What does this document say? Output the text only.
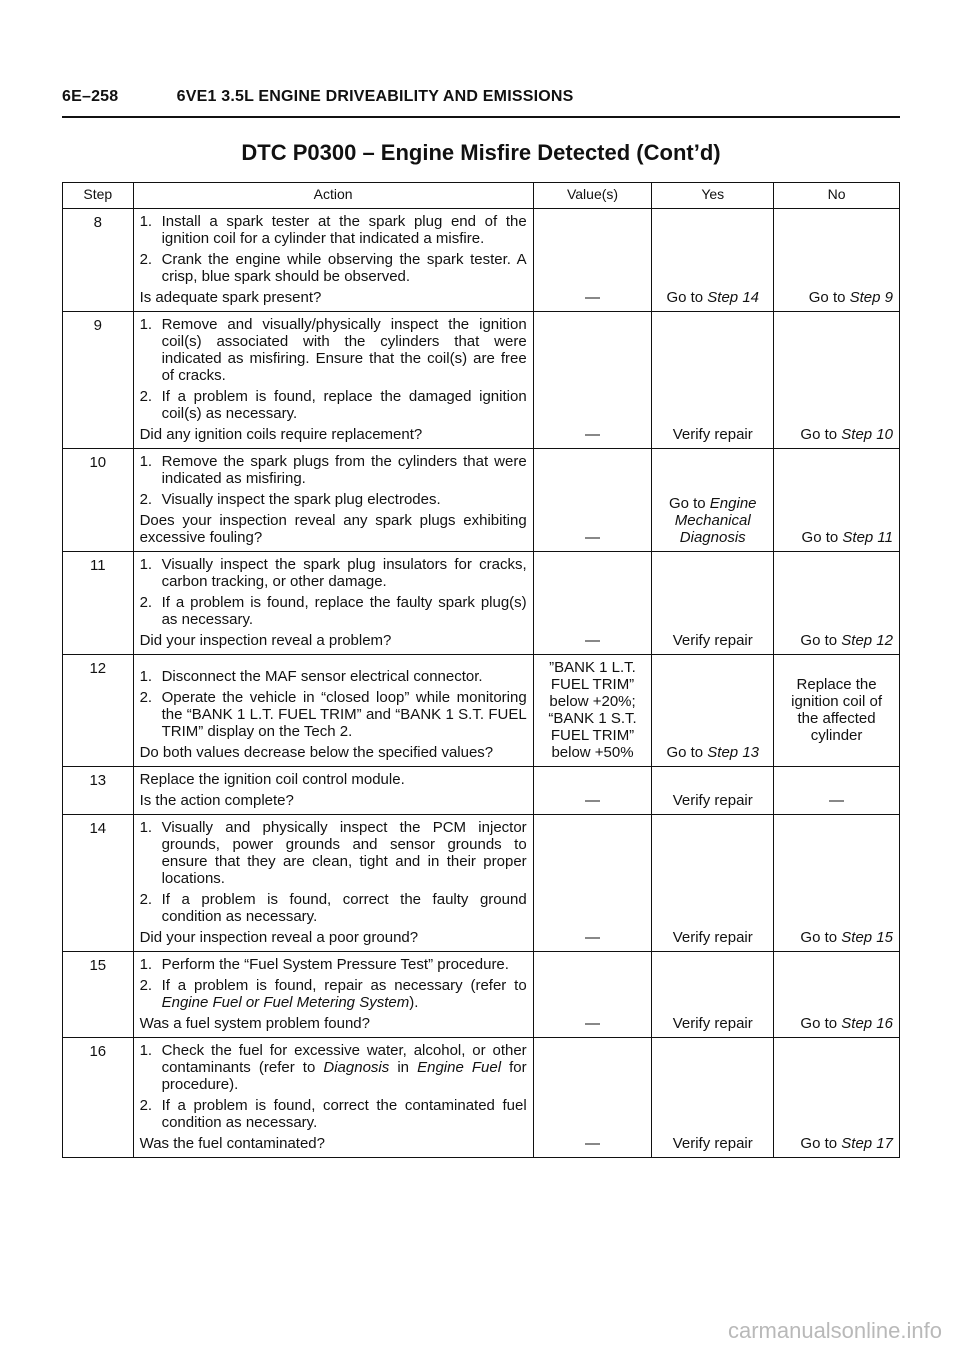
6E–258	6VE1 3.5L ENGINE DRIVEABILITY AND EMISSIONS
DTC P0300 – Engine Misfire Detected (Cont’d)
Step	Action	Value(s)	Yes	No
8	1. Install a spark tester at the spark plug end of the ignition coil for a cylinder that indicated a misfire.
2. Crank the engine while observing the spark tester. A crisp, blue spark should be observed.
Is adequate spark present?	—	Go to Step 14	Go to Step 9
9	1. Remove and visually/physically inspect the ignition coil(s) associated with the cylinders that were indicated as misfiring. Ensure that the coil(s) are free of cracks.
2. If a problem is found, replace the damaged ignition coil(s) as necessary.
Did any ignition coils require replacement?	—	Verify repair	Go to Step 10
10	1. Remove the spark plugs from the cylinders that were indicated as misfiring.
2. Visually inspect the spark plug electrodes.
Does your inspection reveal any spark plugs exhibiting excessive fouling?	—	Go to Engine Mechanical Diagnosis	Go to Step 11
11	1. Visually inspect the spark plug insulators for cracks, carbon tracking, or other damage.
2. If a problem is found, replace the faulty spark plug(s) as necessary.
Did your inspection reveal a problem?	—	Verify repair	Go to Step 12
12	1. Disconnect the MAF sensor electrical connector.
2. Operate the vehicle in “closed loop” while monitoring the “BANK 1 L.T. FUEL TRIM” and “BANK 1 S.T. FUEL TRIM” display on the Tech 2.
Do both values decrease below the specified values?	”BANK 1 L.T. FUEL TRIM” below +20%; “BANK 1 S.T. FUEL TRIM” below +50%	Go to Step 13	Replace the ignition coil of the affected cylinder
13	Replace the ignition coil control module.
Is the action complete?	—	Verify repair	—
14	1. Visually and physically inspect the PCM injector grounds, power grounds and sensor grounds to ensure that they are clean, tight and in their proper locations.
2. If a problem is found, correct the faulty ground condition as necessary.
Did your inspection reveal a poor ground?	—	Verify repair	Go to Step 15
15	1. Perform the “Fuel System Pressure Test” procedure.
2. If a problem is found, repair as necessary (refer to Engine Fuel or Fuel Metering System).
Was a fuel system problem found?	—	Verify repair	Go to Step 16
16	1. Check the fuel for excessive water, alcohol, or other contaminants (refer to Diagnosis in Engine Fuel for procedure).
2. If a problem is found, correct the contaminated fuel condition as necessary.
Was the fuel contaminated?	—	Verify repair	Go to Step 17
carmanualsonline.info
